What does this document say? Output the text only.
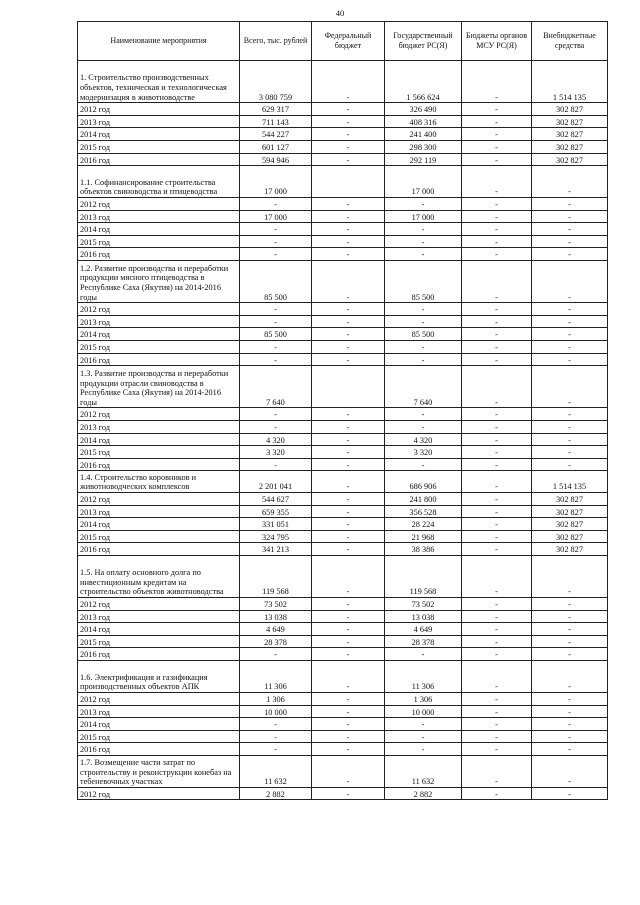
40
Наименование мероприятия	Всего, тыс. рублей	Федеральный бюджет	Государственный бюджет РС(Я)	Бюджеты органов МСУ РС(Я)	Внебюджетные средства
1. Строительство производственных объектов, техническая и технологическая модернизация в животноводстве	3 080 759	-	1 566 624	-	1 514 135
2012 год	629 317	-	326 490	-	302 827
2013 год	711 143	-	408 316	-	302 827
2014 год	544 227	-	241 400	-	302 827
2015 год	601 127	-	298 300	-	302 827
2016 год	594 946	-	292 119	-	302 827
1.1. Софинансирование строительства объектов свиноводства и птицеводства	17 000		17 000	-	-
2012 год	-	-	-	-	-
2013 год	17 000	-	17 000	-	-
2014 год	-	-	-	-	-
2015 год	-	-	-	-	-
2016 год	-	-	-	-	-
1.2. Развитие производства и переработки продукции мясного птицеводства в Республике Саха (Якутия) на 2014-2016 годы	85 500	-	85 500	-	-
2012 год	-	-	-	-	-
2013 год	-	-	-	-	-
2014 год	85 500	-	85 500	-	-
2015 год	-	-	-	-	-
2016 год	-	-	-	-	-
1.3. Развитие производства и переработки продукции отрасли свиноводства в Республике Саха (Якутия) на 2014-2016 годы	7 640		7 640	-	-
2012 год	-	-	-	-	-
2013 год	-	-	-	-	-
2014 год	4 320	-	4 320	-	-
2015 год	3 320	-	3 320	-	-
2016 год	-	-	-	-	-
1.4. Строительство коровников и животноводческих комплексов	2 201 041	-	686 906	-	1 514 135
2012 год	544 627	-	241 800	-	302 827
2013 год	659 355	-	356 528	-	302 827
2014 год	331 051	-	28 224	-	302 827
2015 год	324 795	-	21 968	-	302 827
2016 год	341 213	-	38 386	-	302 827
1.5. На оплату основного долга по инвестиционным кредитам на строительство объектов животноводства	119 568	-	119 568	-	-
2012 год	73 502	-	73 502	-	-
2013 год	13 038	-	13 038	-	-
2014 год	4 649	-	4 649	-	-
2015 год	28 378	-	28 378	-	-
2016 год	-	-	-	-	-
1.6. Электрификация и газификация производственных объектов АПК	11 306	-	11 306	-	-
2012 год	1 306	-	1 306	-	-
2013 год	10 000	-	10 000	-	-
2014 год	-	-	-	-	-
2015 год	-	-	-	-	-
2016 год	-	-	-	-	-
1.7. Возмещение части затрат по строительству и реконструкции конебаз на тебеневочных участках	11 632	-	11 632	-	-
2012 год	2 882	-	2 882	-	-
